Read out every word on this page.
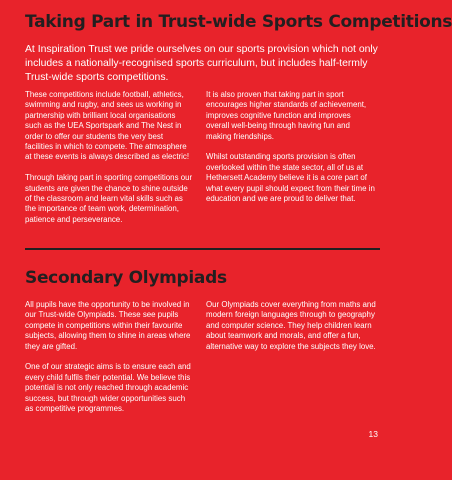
Taking Part in Trust-wide Sports Competitions

At Inspiration Trust we pride ourselves on our sports provision which not only includes a nationally-recognised sports curriculum, but includes half-termly Trust-wide sports competitions.

These competitions include football, athletics, swimming and rugby, and sees us working in partnership with brilliant local organisations such as the UEA Sportspark and The Nest in order to offer our students the very best facilities in which to compete. The atmosphere at these events is always described as electric!

Through taking part in sporting competitions our students are given the chance to shine outside of the classroom and learn vital skills such as the importance of team work, determination, patience and perseverance.

It is also proven that taking part in sport encourages higher standards of achievement, improves cognitive function and improves overall well-being through having fun and making friendships.

Whilst outstanding sports provision is often overlooked within the state sector, all of us at Hethersett Academy believe it is a core part of what every pupil should expect from their time in education and we are proud to deliver that.

Secondary Olympiads

All pupils have the opportunity to be involved in our Trust-wide Olympiads. These see pupils compete in competitions within their favourite subjects, allowing them to shine in areas where they are gifted.

One of our strategic aims is to ensure each and every child fulfils their potential. We believe this potential is not only reached through academic success, but through wider opportunities such as competitive programmes.

Our Olympiads cover everything from maths and modern foreign languages through to geography and computer science. They help children learn about teamwork and morals, and offer a fun, alternative way to explore the subjects they love.

13
